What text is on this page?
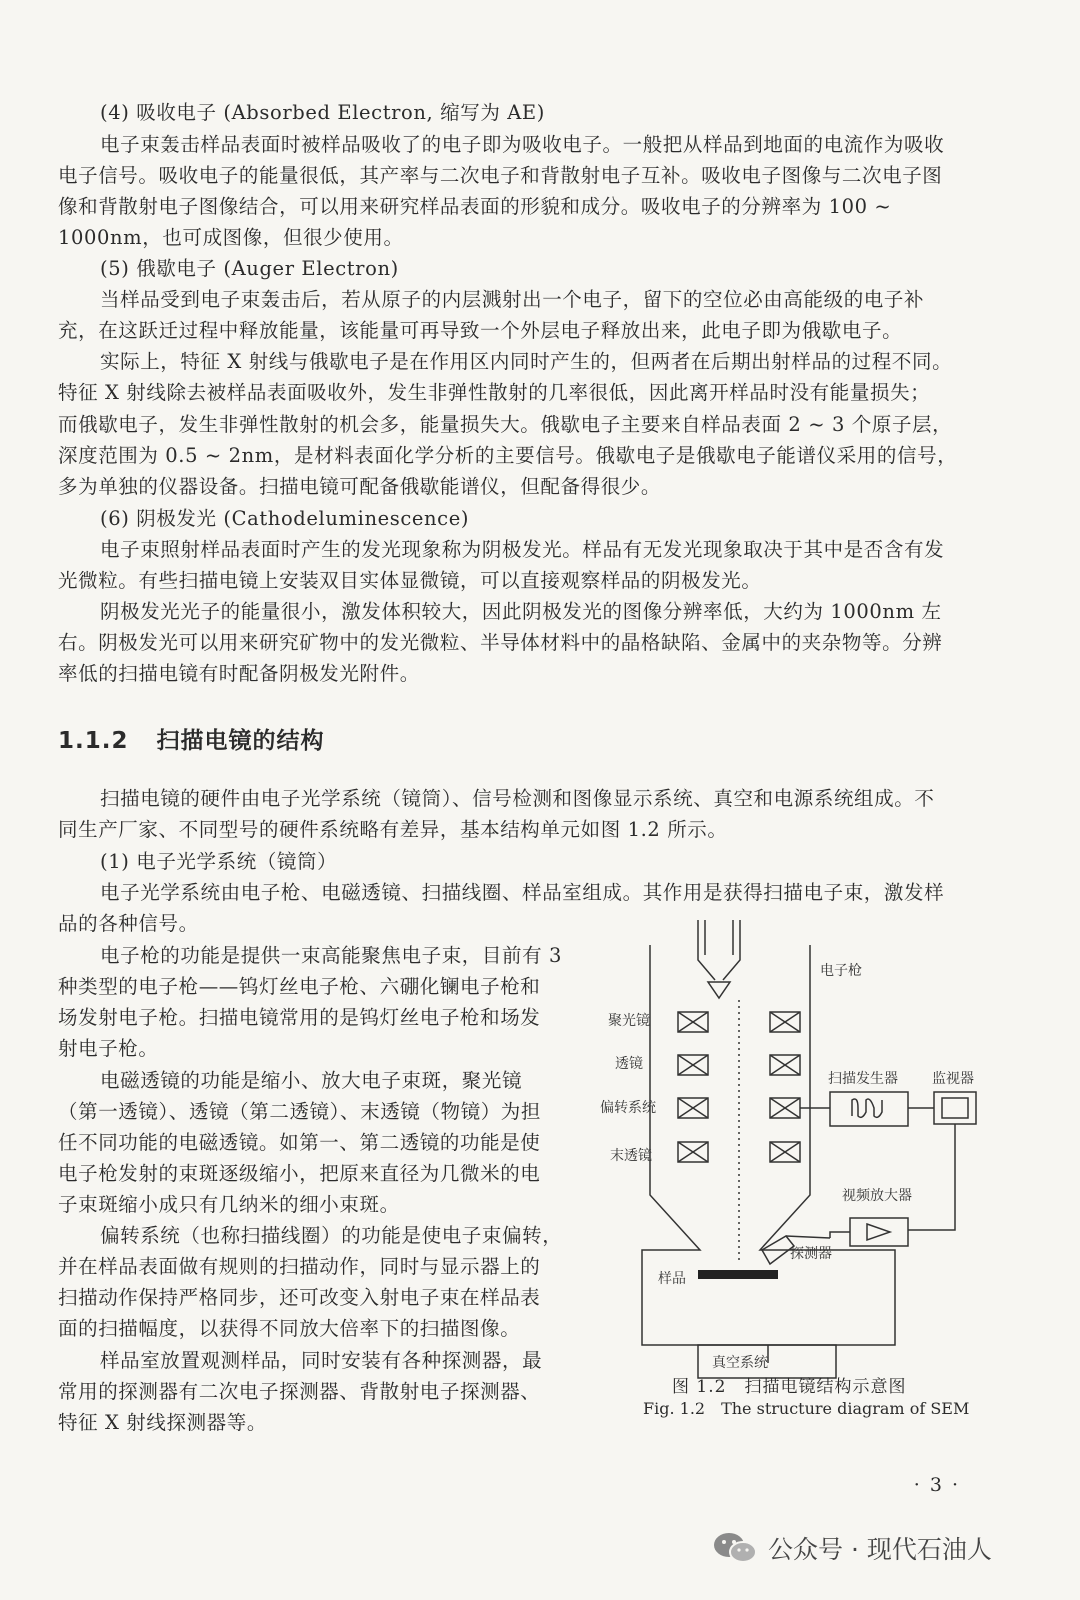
(4) 吸收电子 (Absorbed Electron, 缩写为 AE)
电子束轰击样品表面时被样品吸收了的电子即为吸收电子。一般把从样品到地面的电流作为吸收
电子信号。吸收电子的能量很低，其产率与二次电子和背散射电子互补。吸收电子图像与二次电子图
像和背散射电子图像结合，可以用来研究样品表面的形貌和成分。吸收电子的分辨率为 100 ~
1000nm，也可成图像，但很少使用。
(5) 俄歇电子 (Auger Electron)
当样品受到电子束轰击后，若从原子的内层溅射出一个电子，留下的空位必由高能级的电子补
充，在这跃迁过程中释放能量，该能量可再导致一个外层电子释放出来，此电子即为俄歇电子。
实际上，特征 X 射线与俄歇电子是在作用区内同时产生的，但两者在后期出射样品的过程不同。
特征 X 射线除去被样品表面吸收外，发生非弹性散射的几率很低，因此离开样品时没有能量损失；
而俄歇电子，发生非弹性散射的机会多，能量损失大。俄歇电子主要来自样品表面 2 ~ 3 个原子层，
深度范围为 0.5 ~ 2nm，是材料表面化学分析的主要信号。俄歇电子是俄歇电子能谱仪采用的信号，
多为单独的仪器设备。扫描电镜可配备俄歇能谱仪，但配备得很少。
(6) 阴极发光 (Cathodeluminescence)
电子束照射样品表面时产生的发光现象称为阴极发光。样品有无发光现象取决于其中是否含有发
光微粒。有些扫描电镜上安装双目实体显微镜，可以直接观察样品的阴极发光。
阴极发光光子的能量很小，激发体积较大，因此阴极发光的图像分辨率低，大约为 1000nm 左
右。阴极发光可以用来研究矿物中的发光微粒、半导体材料中的晶格缺陷、金属中的夹杂物等。分辨
率低的扫描电镜有时配备阴极发光附件。
1.1.2 扫描电镜的结构
扫描电镜的硬件由电子光学系统（镜筒）、信号检测和图像显示系统、真空和电源系统组成。不
同生产厂家、不同型号的硬件系统略有差异，基本结构单元如图 1.2 所示。
(1) 电子光学系统（镜筒）
电子光学系统由电子枪、电磁透镜、扫描线圈、样品室组成。其作用是获得扫描电子束，激发样
品的各种信号。
电子枪的功能是提供一束高能聚焦电子束，目前有 3
种类型的电子枪——钨灯丝电子枪、六硼化镧电子枪和
场发射电子枪。扫描电镜常用的是钨灯丝电子枪和场发
射电子枪。
电磁透镜的功能是缩小、放大电子束斑，聚光镜
（第一透镜）、透镜（第二透镜）、末透镜（物镜）为担
任不同功能的电磁透镜。如第一、第二透镜的功能是使
电子枪发射的束斑逐级缩小，把原来直径为几微米的电
子束斑缩小成只有几纳米的细小束斑。
偏转系统（也称扫描线圈）的功能是使电子束偏转，
并在样品表面做有规则的扫描动作，同时与显示器上的
扫描动作保持严格同步，还可改变入射电子束在样品表
面的扫描幅度，以获得不同放大倍率下的扫描图像。
样品室放置观测样品，同时安装有各种探测器，最
常用的探测器有二次电子探测器、背散射电子探测器、
特征 X 射线探测器等。
电子枪
聚光镜
透镜
偏转系统
末透镜
扫描发生器 监视器
视频放大器
探测器
样品
真空系统
图 1.2　扫描电镜结构示意图
Fig. 1.2　The structure diagram of SEM
· 3 ·
公众号 · 现代石油人
